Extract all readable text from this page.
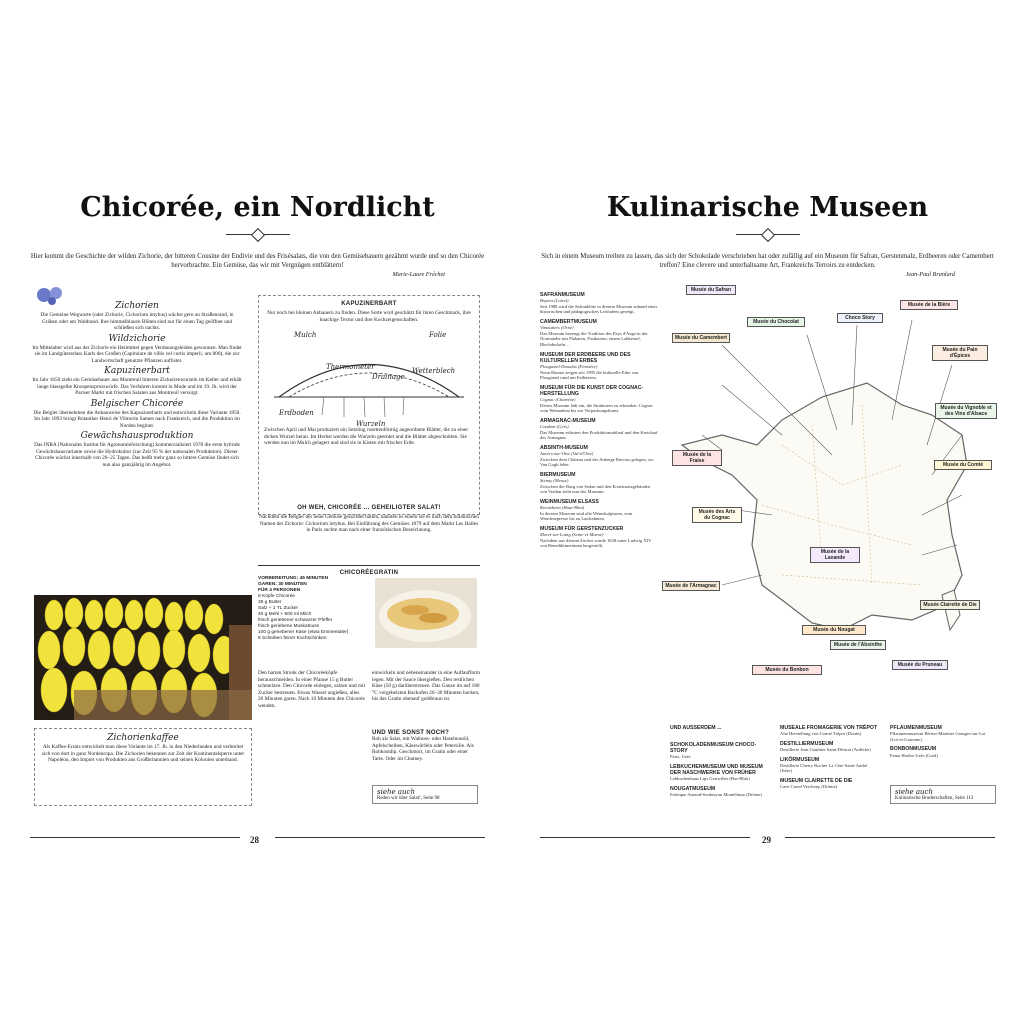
Chicorée, ein Nordlicht
Hier kommt die Geschichte der wilden Zichorie, der bitteren Cousine der Endivie und des Frisésalats, die von den Gemüsebauern gezähmt wurde und so den Chicorée hervorbrachte. Ein Gemüse, das wir mit Vergnügen entblättern!
Marie-Laure Fréchet
Zichorien
Die Gemeine Wegwarte (oder Zichorie, Cichorium intybus) wächst gern an Straßenrand, in Gräben oder am Waldrand. Ihre himmelblauen Blüten sind nur für einen Tag geöffnet und schließen sich nachts.
Wildzichorie
Im Mittelalter wird aus der Zichorie ein Heilmittel gegen Verdauungsleiden gewonnen. Man findet sie im Landgütererlass Karls des Großen (Capitulare de villis vel curtis imperii, um 800), die zur Landwirtschaft genutzte Pflanzen auflistet.
Kapuzinerbart
Im Jahr 1650 zieht ein Gemüsebauer aus Montreuil bitteren Zichorienwurzeln im Keller und erhält lange blassgelbe Knospensprosswürfe. Das Verfahren kommt in Mode und im 19. Jh. wird der Pariser Markt mit frischen Salaten aus Montreuil versorgt.
Belgischer Chicorée
Die Belgier übernehmen die Anbauweise des Kapuzinerbarts und entwickeln diese Variante 1850. Im Jahr 1893 bringt Botaniker Henri de Vilmorin Samen nach Frankreich, und die Produktion im Norden beginnt.
Gewächshausproduktion
Das INRA (Nationales Institut für Agronomieforschung) kommerzialisiert 1978 die erste hybride Gewächshausvariante sowie die Hydrokultur (zur Zeit 95 % der nationalen Produktion). Dieser Chicorée wächst innerhalb von 20–25 Tagen. Das heißt mehr ganz so bittere Gemüse findet sich nun also ganzjährig im Angebot.
Zichorienkaffee
Als Kaffee-Ersatz entwickelt man diese Variante im 17. Jh. in den Niederlanden und verbreitet sich von dort in ganz Nordeuropa. Die Zichorien bekennen zur Zeit der Kontinentalsperre unter Napoléon, den Import von Produkten aus Großbritannien und seinen Kolonien unterband.
KAPUZINERBART
Nur noch bei kleinen Anbauern zu finden. Diese Sorte wird geschätzt für ihren Geschmack, ihre knackige Textur und ihre Kochzeigenschaften.
Mulch	Folie
Thermometer
Drainage
Wetterblech
Erdboden
Wurzeln
Zwischen April und Mai produziert ein Setzling rosettenförmig angeordnete Blätter, die zu einer dicken Wurzel heran. Im Herbst werden die Wurzeln geerntet und die Blätter abgeschnitten. Sie werden nun im Mulch gelagert und sind sie in Kisten mit frischer Erde.
OH WEH, CHICORÉE ... GEHEILIGTER SALAT!
Nachdem die Belgier der neue Gemüse gezüchtet hatten, nannten es einem sie es nach dem botanischen Namen der Zichorie: Cichorium intybus. Bei Einführung des Gemüses 1879 auf dem Markt Les Halles in Paris suchte man nach einer französischen Bezeichnung.
$^{CHICORÉEGRATIN}$
VORBEREITUNG: 45 MINUTEN
GAREN: 30 MINUTEN
FÜR 4 PERSONEN
8 Köpfe Chicorée
35 g Butter
Salz + 1 TL Zucker
40 g Mehl + 500 ml Milch
frisch geriebener schwarzer Pfeffer
frisch geriebene Muskatnuss
100 g geriebener Käse (etwa Emmentaler)
8 Scheiben feiner Kochschinken
Den harten Strunk der Chicoréeköpfe herausschneiden. In einer Pfanne 15 g Butter schmelzen. Den Chicorée einlegen, salzen und mit Zucker bestreuen. Etwas Wasser angießen, alles 20 Minuten garen. Nach 10 Minuten den Chicorée wenden.
einwickeln und nebeneinander in eine Auflaufform legen. Mit der Sauce übergießen. Den restlichen Käse (50 g) darüberstreuen. Das Ganze im auf 180 °C vorgeheizten Backofen 20–30 Minuten backen, bis das Gratin obenauf goldbraun ist.
UND WIE SONST NOCH?
Roh als Salat, mit Walnuss- oder Haselnussöl, Apfelscheiben, Käsewürfeln oder Petersilie. Als Rohkostdip. Geschmort, im Gratin oder einer Tarte. Oder im Chutney.
siehe auch
Reden wir über Salat!, Seite 98
28
Kulinarische Museen
Sich in einem Museum treiben zu lassen, das sich der Schokolade verschrieben hat oder zufällig auf ein Museum für Safran, Gerstenmalz, Erdbeeren oder Camembert treffen? Eine clevere und unterhaltsame Art, Frankreichs Terroirs zu entdecken.
Jean-Paul Branlard
SAFRANMUSEUM
Boynes (Loiret)
Seit 1988 wird die Safranblüte in diesem Museum anhand eines historischen und pädagogischen Leitfadens gezeigt.
CAMEMBERTMUSEUM
Vimoutiers (Orne)
Das Museum bezeugt die Tradition des Pays d'Auge in der Normandie mit Plakaten, Postkarten, einem Labkessel, Blechdeckeln ...
MUSEUM DER ERDBEERE UND DES KULTURELLEN ERBES
Plougastel-Daoulas (Finistère)
Neun Räume zeigen seit 1995 die kulturelle Erbe von Plougastel rund um Erdbeeren.
MUSEUM FÜR DIE KUNST DER COGNAC-HERSTELLUNG
Cognac (Charente)
Dieses Museum lädt ein, die Strukturen zu erkunden: Cognac vom Weinanbau bis zur Verpackungskunst.
ARMAGNAC-MUSEUM
Condom (Gers)
Das Museum erläutert den Produktionsablauf und den Kreislauf des Armagnac.
ABSINTH-MUSEUM
Auvers-sur-Oise (Val-d'Oise)
Zwischen dem Château und der Auberge Ravoux gelegen, wo Van Gogh lebte.
BIERMUSEUM
Stenay (Meuse)
Zwischen der Burg von Sedan und den Ersteinsatzgebäuden von Verdun steht nun das Museum.
WEINMUSEUM ELSASS
Kientzheim (Haut-Rhin)
In diesem Museum sind alle Weinskulpturen, vom Weinlesepresse bis zu Laufrahmen.
MUSEUM FÜR GERSTENZUCKER
Moret-sur-Loing (Seine-et-Marne)
Nachdem aus diesem Zucker wurde 1638 unter Ludwig XIV von Benediktinerinnen hergestellt.
Musée du Safran
Musée du Camembert
Musée de la Fraise
Musée des Arts du Cognac
Musée de l'Armagnac
Musée du Chocolat
Choco Story
Musée de la Bière
Musée du Pain d'Épices
Musée du Vignoble et des Vins d'Alsace
Musée du Comté
Musée de la Lavande
Musée du Nougat
Musée Clairette de Die
Musée du Bonbon
Musée du Pruneau
Musée de l'Absinthe
UND AUSSERDEM ...
SCHOKOLADENMUSEUM CHOCO-STORY
Paris, Uzès
LEBKUCHENMUSEUM UND MUSEUM DER NASCHWERKE VON FRÜHER
Lebkuchenhaus Lips Gertwiller (Bas-Rhin)
NOUGATMUSEUM
Fabrique Arnaud-Soubeyran Montélimar (Drôme)
MUSEALE FROMAGERIE VON TRÉPOT
Alte Herstellung von Comté Trépot (Doubs)
DESTILLIERMUSEUM
Destillerie Jean Gauthier Saint-Désirat (Ardèche)
LIKÖRMUSEUM
Destillerie Cherry Rocher La Côte-Saint-André (Isère)
MUSEUM CLAIRETTE DE DIE
Cave Carod Vercheny (Drôme)
PFLAUMENMUSEUM
Pflaumenmuseum Bérino-Martinet Granges-sur-Lot (Lot-et-Garonne)
BONBONMUSEUM
Fama Haribo Uzès (Gard)
siehe auch
Kulinarische Bruderschaften, Seite 112
29
